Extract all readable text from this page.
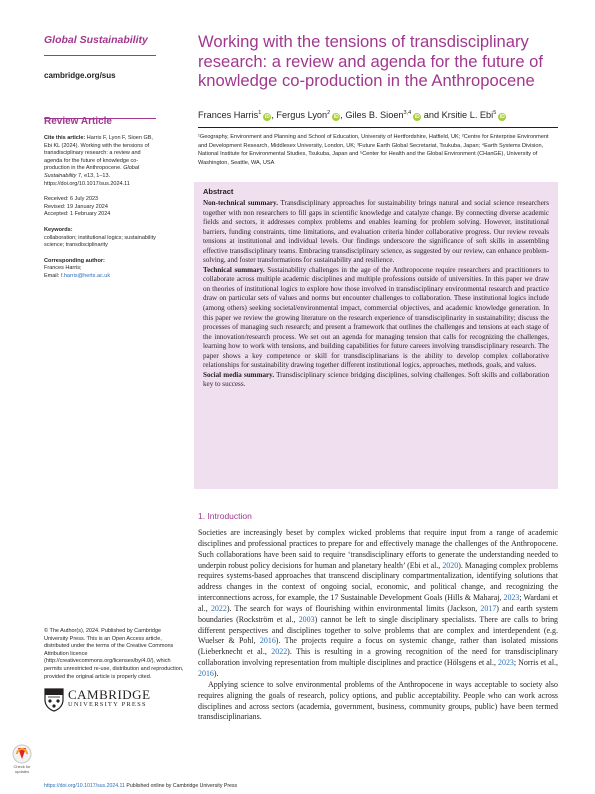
Global Sustainability
cambridge.org/sus
Review Article
Cite this article: Harris F, Lyon F, Sioen GB, Ebi KL (2024). Working with the tensions of transdisciplinary research: a review and agenda for the future of knowledge co-production in the Anthropocene. Global Sustainability 7, e13, 1–13. https://doi.org/10.1017/sus.2024.11
Received: 6 July 2023
Revised: 19 January 2024
Accepted: 1 February 2024
Keywords:
collaboration; institutional logics; sustainability science; transdisciplinarity
Corresponding author:
Frances Harris;
Email: f.harris@herts.ac.uk
© The Author(s), 2024. Published by Cambridge University Press. This is an Open Access article, distributed under the terms of the Creative Commons Attribution licence (http://creativecommons.org/licenses/by/4.0/), which permits unrestricted re-use, distribution and reproduction, provided the original article is properly cited.
CAMBRIDGE
UNIVERSITY PRESS
Check for updates
Working with the tensions of transdisciplinary research: a review and agenda for the future of knowledge co-production in the Anthropocene
Frances Harris$^1$iD , Fergus Lyon$^2$iD , Giles B. Sioen$^{3,4}$iD and Krsitie L. Ebi$^5$iD
¹Geography, Environment and Planning and School of Education, University of Hertfordshire, Hatfield, UK; ²Centre for Enterprise Environment and Development Research, Middlesex University, London, UK; ³Future Earth Global Secretariat, Tsukuba, Japan; ⁴Earth Systems Division, National Institute for Environmental Studies, Tsukuba, Japan and ⁵Center for Health and the Global Environment (CHanGE), University of Washington, Seattle, WA, USA
Abstract

Non-technical summary. Transdisciplinary approaches for sustainability brings natural and social science researchers together with non researchers to fill gaps in scientific knowledge and catalyze change. By connecting diverse academic fields and sectors, it addresses complex problems and enables learning for problem solving. However, institutional barriers, funding constraints, time limitations, and evaluation criteria hinder collaborative progress. Our review reveals tensions at institutional and individual levels. Our findings underscore the significance of soft skills in assembling effective transdisciplinary teams. Embracing transdisciplinary science, as suggested by our review, can enhance problem-solving, and foster transformations for sustainability and resilience.

Technical summary. Sustainability challenges in the age of the Anthropocene require researchers and practitioners to collaborate across multiple academic disciplines and multiple professions outside of universities. In this paper we draw on theories of institutional logics to explore how those involved in transdisciplinary environmental research and practice draw on particular sets of values and norms but encounter challenges to collaboration. These institutional logics include (among others) seeking societal/environmental impact, commercial objectives, and academic knowledge generation. In this paper we review the growing literature on the research experience of transdisciplinarity in sustainability; discuss the processes of managing such research; and present a framework that outlines the challenges and tensions at each stage of the innovation/research process. We set out an agenda for managing tension that calls for recognizing the challenges, learning how to work with tensions, and building capabilities for future careers involving transdisciplinary research. The paper shows a key competence or skill for transdisciplinarians is the ability to develop complex collaborative relationships for sustainability drawing together different institutional logics, approaches, methods, goals, and values.

Social media summary. Transdisciplinary science bridging disciplines, solving challenges. Soft skills and collaboration key to success.

1. Introduction

Societies are increasingly beset by complex wicked problems that require input from a range of academic disciplines and professional practices to prepare for and effectively manage the challenges of the Anthropocene. Such collaborations have been said to require ‘transdisciplinary efforts to generate the understanding needed to underpin robust policy decisions for human and planetary health’ (Ebi et al., 2020). Managing complex problems requires systems-based approaches that transcend disciplinary compartmentalization, identifying solutions that address changes in the context of ongoing social, economic, and political change, and recognizing the interconnections across, for example, the 17 Sustainable Development Goals (Hills & Maharaj, 2023; Wardani et al., 2022). The search for ways of flourishing within environmental limits (Jackson, 2017) and earth system boundaries (Rockström et al., 2003) cannot be left to single disciplinary specialists. There are calls to bring different perspectives and disciplines together to solve problems that are complex and interdependent (e.g. Wuelser & Pohl, 2016). The projects require a focus on systemic change, rather than isolated missions (Lieberknecht et al., 2022). This is resulting in a growing recognition of the need for transdisciplinary collaboration involving representation from multiple disciplines and practice (Hölsgens et al., 2023; Norris et al., 2016).

Applying science to solve environmental problems of the Anthropocene in ways acceptable to society also requires aligning the goals of research, policy options, and public acceptability. People who can work across disciplines and across sectors (academia, government, business, community groups, public) have been termed transdisciplinarians.

https://doi.org/10.1017/sus.2024.11 Published online by Cambridge University Press
